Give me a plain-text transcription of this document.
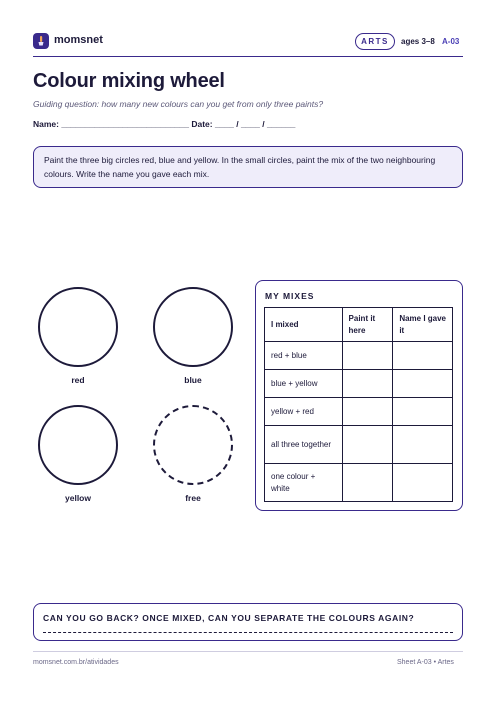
momsnet	ARTS	ages 3–8 A-03
Colour mixing wheel
Guiding question: how many new colours can you get from only three paints?
Name: ___________________________ Date: ____ / ____ / ______
Paint the three big circles red, blue and yellow. In the small circles, paint the mix of the two neighbouring colours. Write the name you gave each mix.
red	blue
yellow	free
MY MIXES
I mixed	Paint it here	Name I gave it
red + blue		
blue + yellow		
yellow + red		
all three together		
one colour + white		
CAN YOU GO BACK? ONCE MIXED, CAN YOU SEPARATE THE COLOURS AGAIN?
momsnet.com.br/atividades	Sheet A-03 • Artes
